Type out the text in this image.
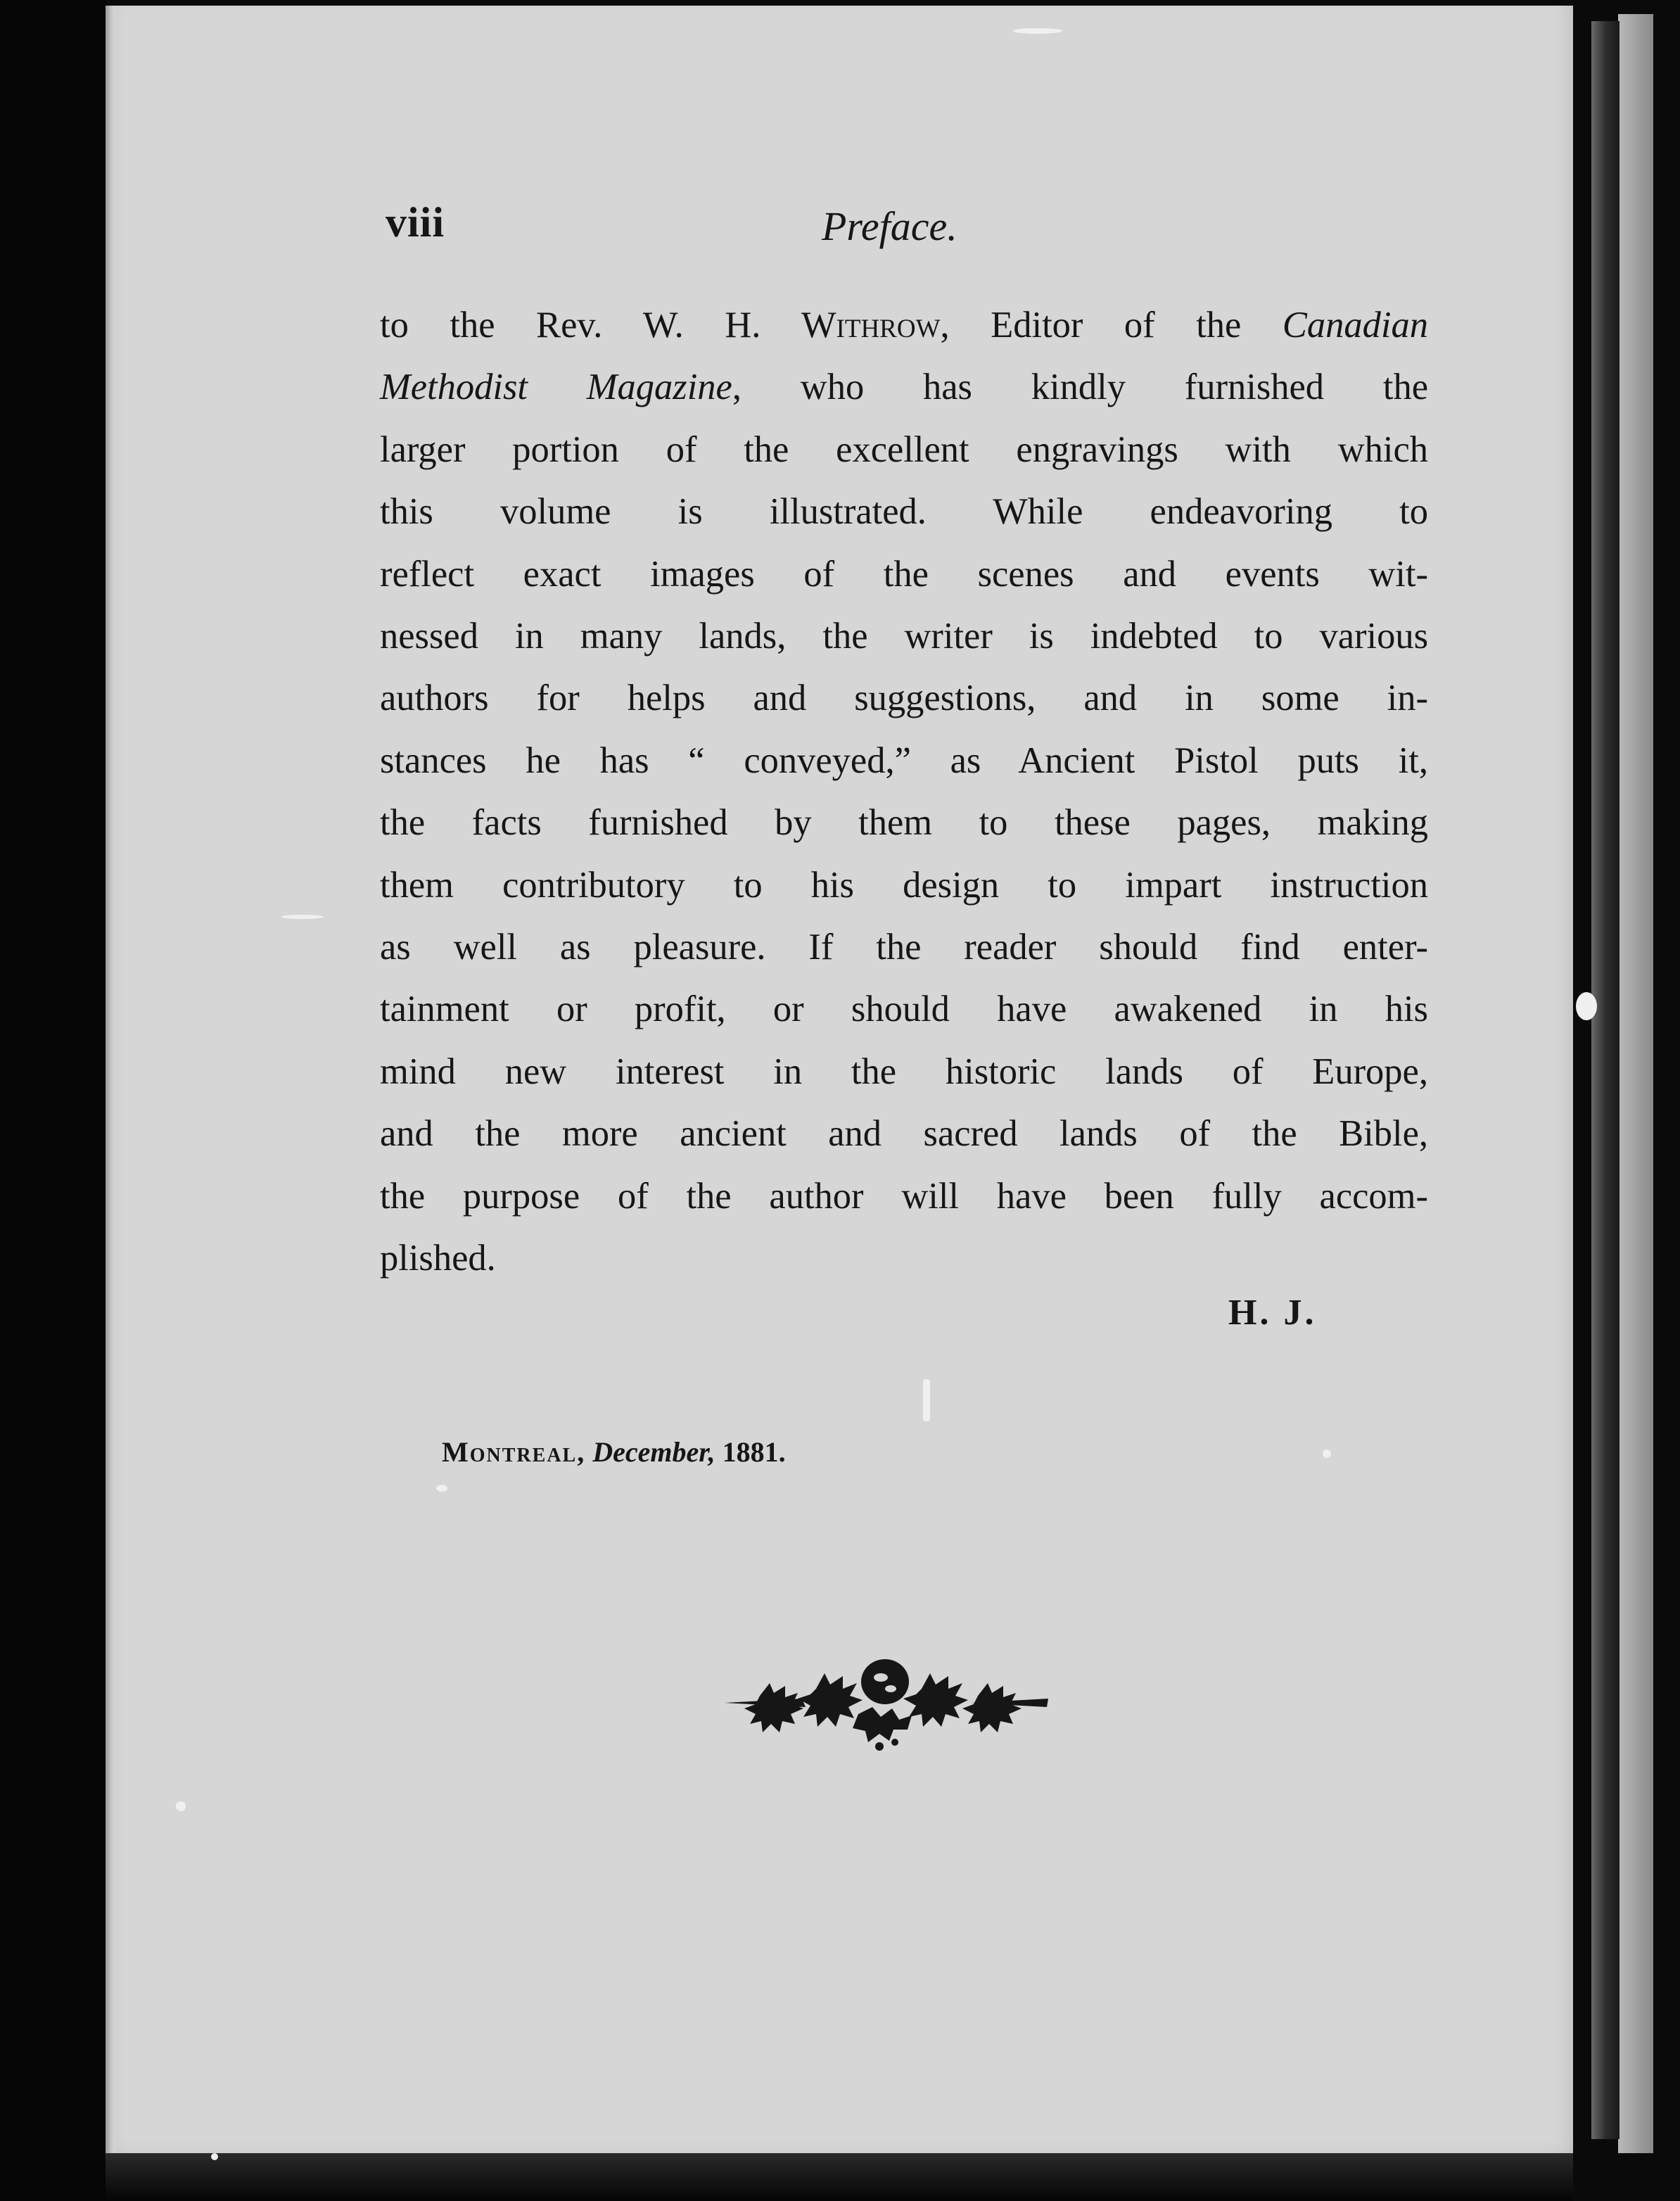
viii	Preface.
to the Rev. W. H. Withrow, Editor of the Canadian
Methodist Magazine, who has kindly furnished the
larger portion of the excellent engravings with which
this volume is illustrated. While endeavoring to
reflect exact images of the scenes and events wit-
nessed in many lands, the writer is indebted to various
authors for helps and suggestions, and in some in-
stances he has “ conveyed,” as Ancient Pistol puts it,
the facts furnished by them to these pages, making
them contributory to his design to impart instruction
as well as pleasure. If the reader should find enter-
tainment or profit, or should have awakened in his
mind new interest in the historic lands of Europe,
and the more ancient and sacred lands of the Bible,
the purpose of the author will have been fully accom-
plished.
H. J.
Montreal, December, 1881.
